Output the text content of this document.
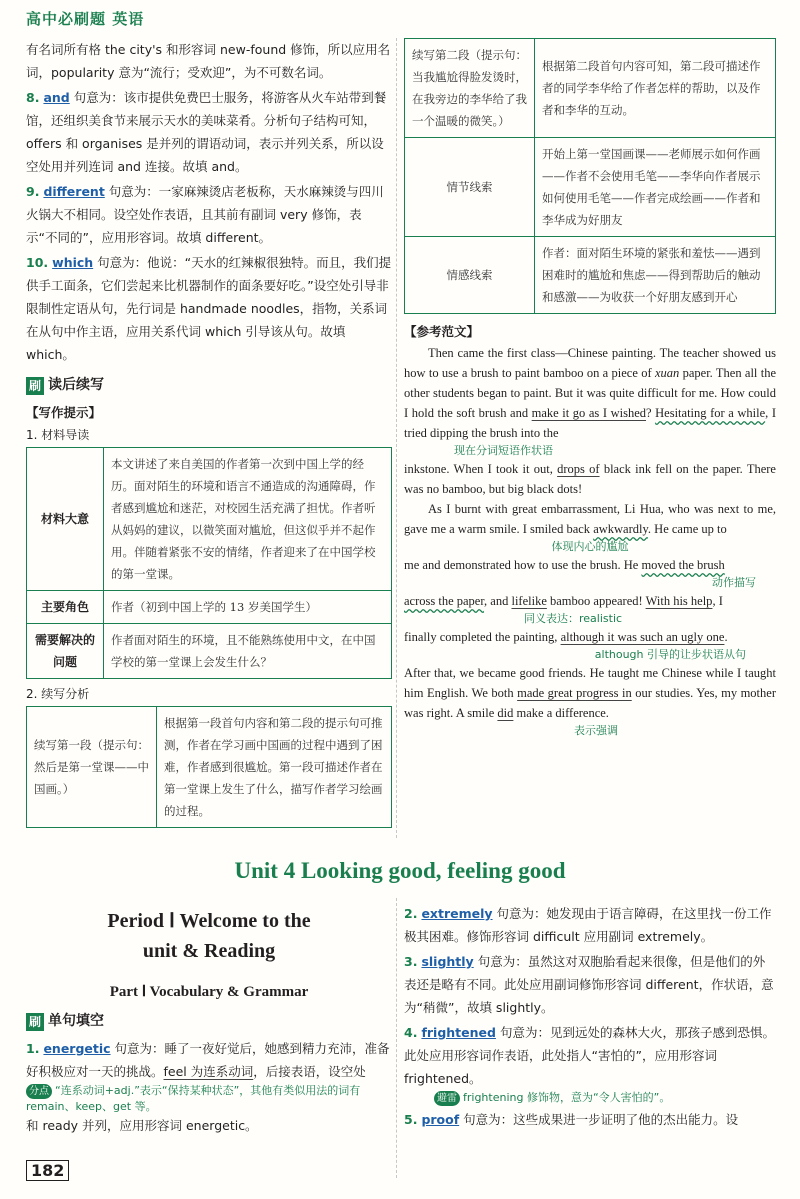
高中必刷题 英语

有名词所有格 the city's 和形容词 new-found 修饰，所以应用名词，popularity 意为“流行；受欢迎”，为不可数名词。

8. and 句意为：该市提供免费巴士服务，将游客从火车站带到餐馆，还组织美食节来展示天水的美味菜肴。分析句子结构可知，offers 和 organises 是并列的谓语动词，表示并列关系，所以设空处用并列连词 and 连接。故填 and。

9. different 句意为：一家麻辣烫店老板称，天水麻辣烫与四川火锅大不相同。设空处作表语，且其前有副词 very 修饰，表示“不同的”，应用形容词。故填 different。

10. which 句意为：他说：“天水的红辣椒很独特。而且，我们提供手工面条，它们尝起来比机器制作的面条要好吃。”设空处引导非限制性定语从句，先行词是 handmade noodles，指物，关系词在从句中作主语，应用关系代词 which 引导该从句。故填 which。

刷 读后续写
【写作提示】
1. 材料导读
材料大意	本文讲述了来自美国的作者第一次到中国上学的经历。面对陌生的环境和语言不通造成的沟通障碍，作者感到尴尬和迷茫，对校园生活充满了担忧。作者听从妈妈的建议，以微笑面对尴尬，但这似乎并不起作用。伴随着紧张不安的情绪，作者迎来了在中国学校的第一堂课。
主要角色	作者（初到中国上学的 13 岁美国学生）
需要解决的问题	作者面对陌生的环境，且不能熟练使用中文，在中国学校的第一堂课上会发生什么？
2. 续写分析
续写第一段（提示句：然后是第一堂课——中国画。）	根据第一段首句内容和第二段的提示句可推测，作者在学习画中国画的过程中遇到了困难，作者感到很尴尬。第一段可描述作者在第一堂课上发生了什么，描写作者学习绘画的过程。
续写第二段（提示句：当我尴尬得脸发烫时，在我旁边的李华给了我一个温暖的微笑。）	根据第二段首句内容可知，第二段可描述作者的同学李华给了作者怎样的帮助，以及作者和李华的互动。
情节线索	开始上第一堂国画课——老师展示如何作画——作者不会使用毛笔——李华向作者展示如何使用毛笔——作者完成绘画——作者和李华成为好朋友
情感线索	作者：面对陌生环境的紧张和羞怯——遇到困难时的尴尬和焦虑——得到帮助后的触动和感激——为收获一个好朋友感到开心
【参考范文】

Then came the first class—Chinese painting. The teacher showed us how to use a brush to paint bamboo on a piece of xuan paper. Then all the other students began to paint. But it was quite difficult for me. How could I hold the soft brush and make it go as I wished? Hesitating for a while, I tried dipping the brush into the

现在分词短语作状语

inkstone. When I took it out, drops of black ink fell on the paper. There was no bamboo, but big black dots!

As I burnt with great embarrassment, Li Hua, who was next to me, gave me a warm smile. I smiled back awkwardly. He came up to

体现内心的尴尬

me and demonstrated how to use the brush. He moved the brush

动作描写

across the paper, and lifelike bamboo appeared! With his help, I

同义表达：realistic

finally completed the painting, although it was such an ugly one.

although 引导的让步状语从句

After that, we became good friends. He taught me Chinese while I taught him English. We both made great progress in our studies. Yes, my mother was right. A smile did make a difference.

表示强调
Unit 4 Looking good, feeling good
Period Ⅰ Welcome to the
unit & Reading
Part Ⅰ Vocabulary & Grammar
刷 单句填空

1. energetic 句意为：睡了一夜好觉后，她感到精力充沛，准备好积极应对一天的挑战。feel 为连系动词，后接表语，设空处

分点 “连系动词+adj.”表示“保持某种状态”，其他有类似用法的词有 remain、keep、get 等。

和 ready 并列，应用形容词 energetic。

2. extremely 句意为：她发现由于语言障碍，在这里找一份工作极其困难。修饰形容词 difficult 应用副词 extremely。

3. slightly 句意为：虽然这对双胞胎看起来很像，但是他们的外表还是略有不同。此处应用副词修饰形容词 different，作状语，意为“稍微”，故填 slightly。

4. frightened 句意为：见到远处的森林大火，那孩子感到恐惧。此处应用形容词作表语，此处指人“害怕的”，应用形容词 frightened。

避雷 frightening 修饰物，意为“令人害怕的”。

5. proof 句意为：这些成果进一步证明了他的杰出能力。设

182
